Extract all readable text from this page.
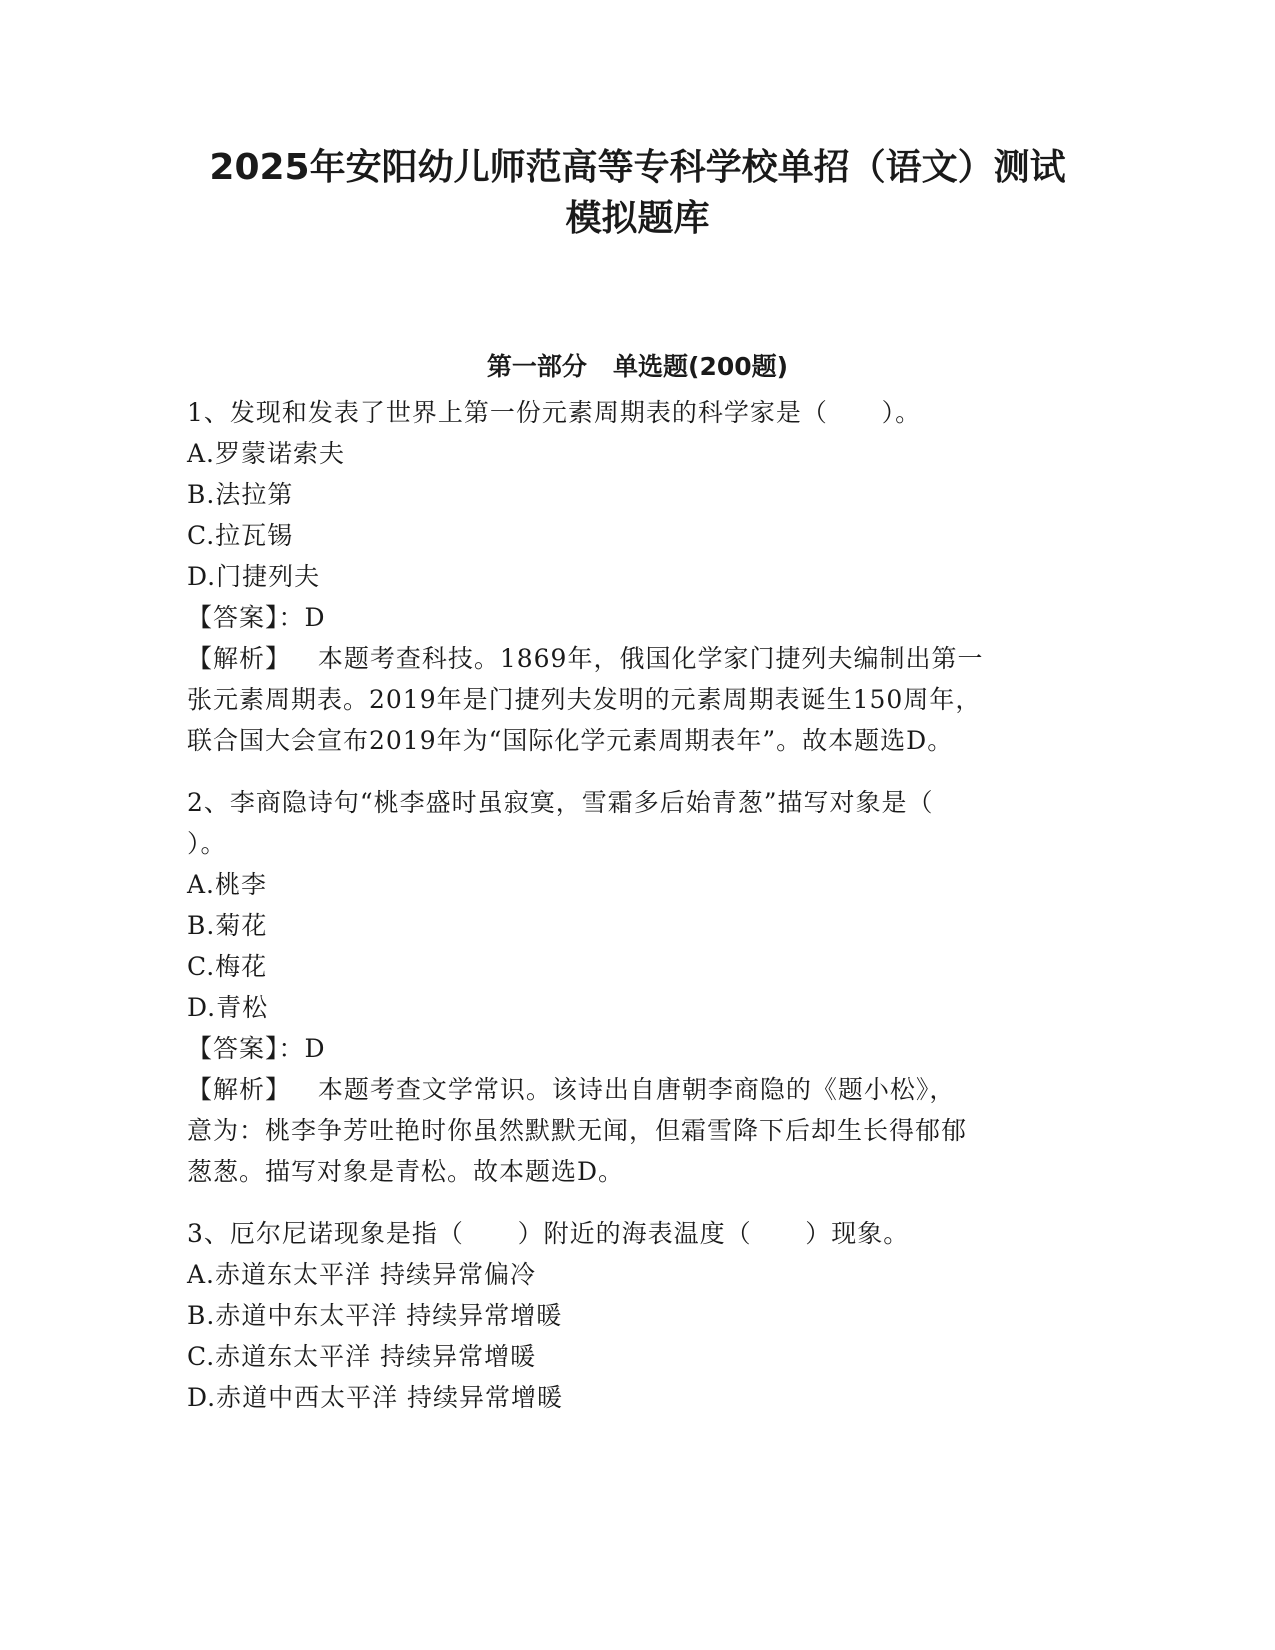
2025年安阳幼儿师范高等专科学校单招（语文）测试
模拟题库
第一部分   单选题(200题)
1、发现和发表了世界上第一份元素周期表的科学家是（      ）。
A.罗蒙诺索夫
B.法拉第
C.拉瓦锡
D.门捷列夫
【答案】：D
【解析】   本题考查科技。1869年，俄国化学家门捷列夫编制出第一
张元素周期表。2019年是门捷列夫发明的元素周期表诞生150周年，
联合国大会宣布2019年为“国际化学元素周期表年”。故本题选D。
2、李商隐诗句“桃李盛时虽寂寞，雪霜多后始青葱”描写对象是（
）。
A.桃李
B.菊花
C.梅花
D.青松
【答案】：D
【解析】   本题考查文学常识。该诗出自唐朝李商隐的《题小松》，
意为：桃李争芳吐艳时你虽然默默无闻，但霜雪降下后却生长得郁郁
葱葱。描写对象是青松。故本题选D。
3、厄尔尼诺现象是指（      ）附近的海表温度（      ）现象。
A.赤道东太平洋 持续异常偏冷
B.赤道中东太平洋 持续异常增暖
C.赤道东太平洋 持续异常增暖
D.赤道中西太平洋 持续异常增暖
